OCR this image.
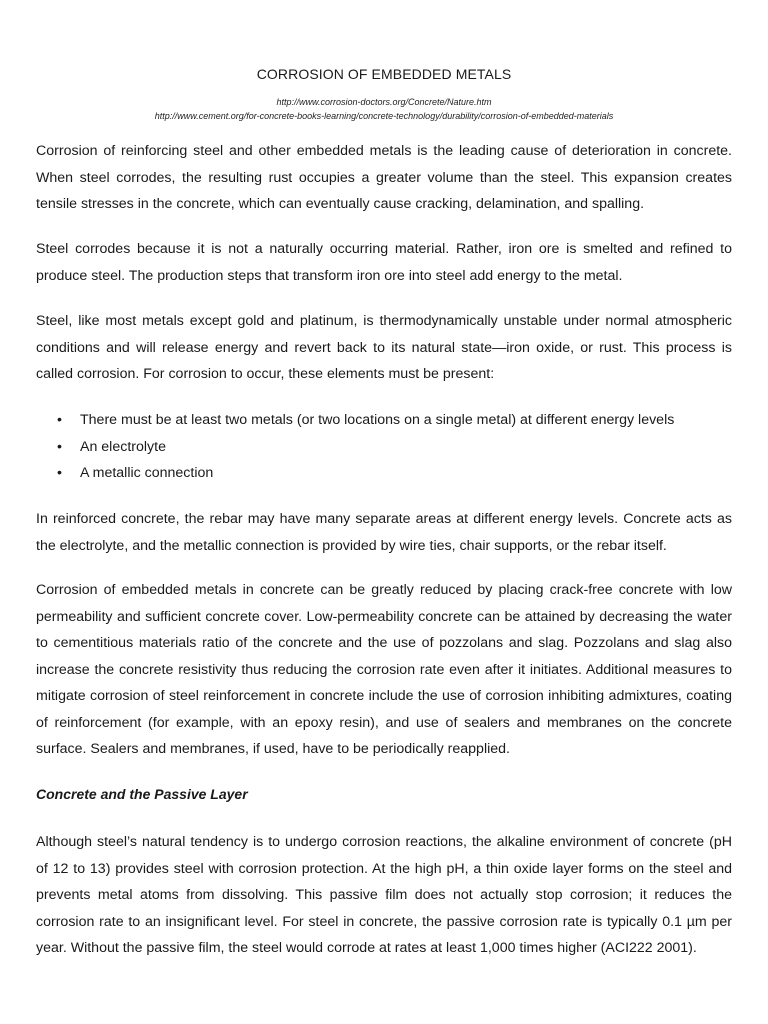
CORROSION OF EMBEDDED METALS
http://www.corrosion-doctors.org/Concrete/Nature.htm
http://www.cement.org/for-concrete-books-learning/concrete-technology/durability/corrosion-of-embedded-materials
Corrosion of reinforcing steel and other embedded metals is the leading cause of deterioration in concrete. When steel corrodes, the resulting rust occupies a greater volume than the steel. This expansion creates tensile stresses in the concrete, which can eventually cause cracking, delamination, and spalling.
Steel corrodes because it is not a naturally occurring material. Rather, iron ore is smelted and refined to produce steel. The production steps that transform iron ore into steel add energy to the metal.
Steel, like most metals except gold and platinum, is thermodynamically unstable under normal atmospheric conditions and will release energy and revert back to its natural state—iron oxide, or rust. This process is called corrosion. For corrosion to occur, these elements must be present:
• There must be at least two metals (or two locations on a single metal) at different energy levels
• An electrolyte
• A metallic connection
In reinforced concrete, the rebar may have many separate areas at different energy levels. Concrete acts as the electrolyte, and the metallic connection is provided by wire ties, chair supports, or the rebar itself.
Corrosion of embedded metals in concrete can be greatly reduced by placing crack-free concrete with low permeability and sufficient concrete cover. Low-permeability concrete can be attained by decreasing the water to cementitious materials ratio of the concrete and the use of pozzolans and slag. Pozzolans and slag also increase the concrete resistivity thus reducing the corrosion rate even after it initiates. Additional measures to mitigate corrosion of steel reinforcement in concrete include the use of corrosion inhibiting admixtures, coating of reinforcement (for example, with an epoxy resin), and use of sealers and membranes on the concrete surface. Sealers and membranes, if used, have to be periodically reapplied.
Concrete and the Passive Layer
Although steel’s natural tendency is to undergo corrosion reactions, the alkaline environment of concrete (pH of 12 to 13) provides steel with corrosion protection. At the high pH, a thin oxide layer forms on the steel and prevents metal atoms from dissolving. This passive film does not actually stop corrosion; it reduces the corrosion rate to an insignificant level. For steel in concrete, the passive corrosion rate is typically 0.1 µm per year. Without the passive film, the steel would corrode at rates at least 1,000 times higher (ACI222 2001).
